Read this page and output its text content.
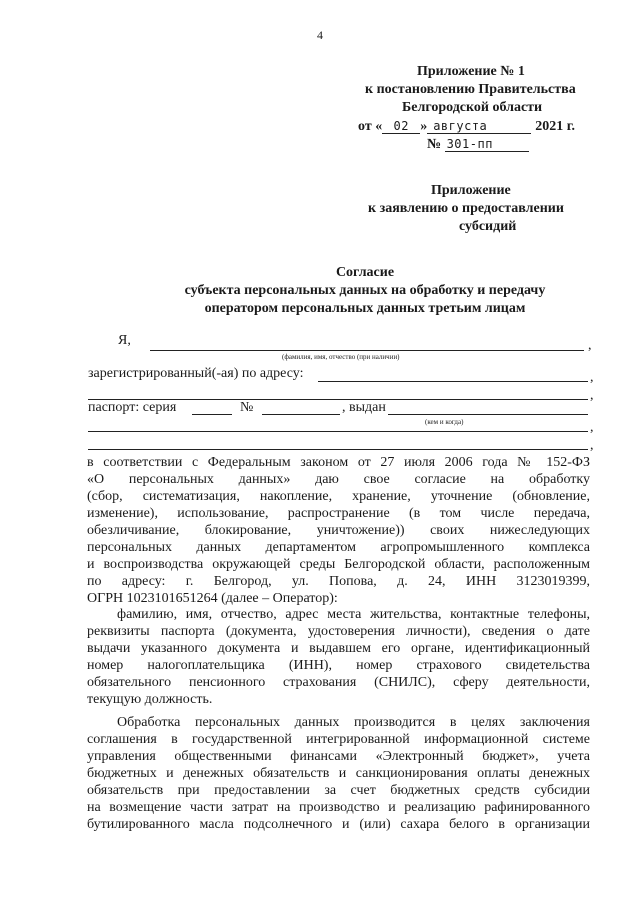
4
Приложение № 1
к постановлению Правительства
Белгородской области
от « 02 » августа	2021 г.
№ 301-пп
Приложение
к заявлению о предоставлении
субсидий
Согласие
субъекта персональных данных на обработку и передачу
оператором персональных данных третьим лицам
Я,	,
(фамилия, имя, отчество (при наличии)
зарегистрированный(-ая) по адресу:	,
,
паспорт: серия	№	, выдан
(кем и когда)	,
,
в соответствии с Федеральным законом от 27 июля 2006 года № 152-ФЗ
«О персональных данных» даю свое согласие на обработку
(сбор, систематизация, накопление, хранение, уточнение (обновление,
изменение), использование, распространение (в том числе передача,
обезличивание, блокирование, уничтожение)) своих нижеследующих
персональных данных департаментом агропромышленного комплекса
и воспроизводства окружающей среды Белгородской области, расположенным
по адресу: г. Белгород, ул. Попова, д. 24, ИНН 3123019399,
ОГРН 1023101651264 (далее – Оператор):
фамилию, имя, отчество, адрес места жительства, контактные телефоны,
реквизиты паспорта (документа, удостоверения личности), сведения о дате
выдачи указанного документа и выдавшем его органе, идентификационный
номер налогоплательщика (ИНН), номер страхового свидетельства
обязательного пенсионного страхования (СНИЛС), сферу деятельности,
текущую должность.
Обработка персональных данных производится в целях заключения
соглашения в государственной интегрированной информационной системе
управления общественными финансами «Электронный бюджет», учета
бюджетных и денежных обязательств и санкционирования оплаты денежных
обязательств при предоставлении за счет бюджетных средств субсидии
на возмещение части затрат на производство и реализацию рафинированного
бутилированного масла подсолнечного и (или) сахара белого в организации
